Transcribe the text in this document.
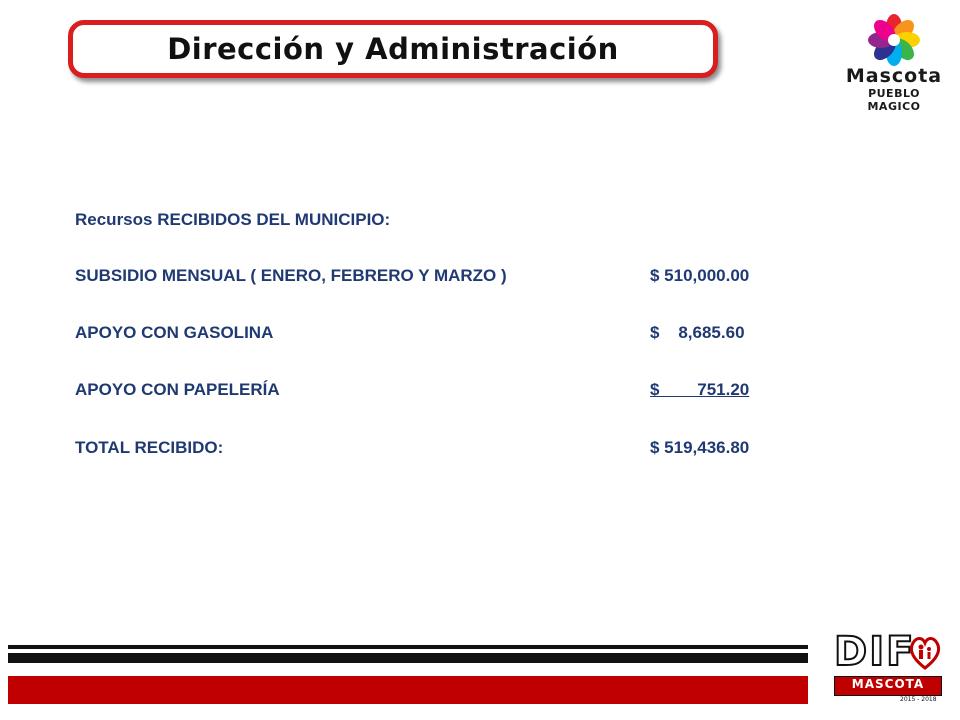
Dirección y Administración
Mascota
PUEBLO MAGICO
Recursos RECIBIDOS DEL MUNICIPIO:
SUBSIDIO MENSUAL ( ENERO, FEBRERO Y MARZO )	$ 510,000.00
APOYO CON GASOLINA	$    8,685.60
APOYO CON PAPELERÍA	$        751.20
TOTAL RECIBIDO:	$ 519,436.80
DIF
MASCOTA
2015 - 2018
